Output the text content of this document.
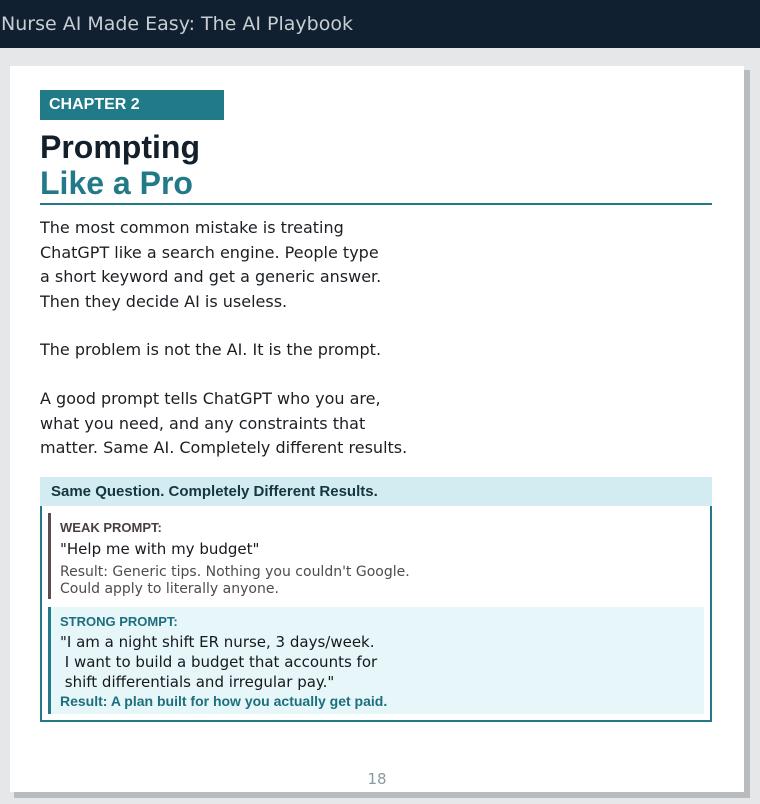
Nurse AI Made Easy: The AI Playbook
CHAPTER 2
Prompting
Like a Pro
The most common mistake is treating
ChatGPT like a search engine. People type
a short keyword and get a generic answer.
Then they decide AI is useless.
The problem is not the AI. It is the prompt.
A good prompt tells ChatGPT who you are,
what you need, and any constraints that
matter. Same AI. Completely different results.
Same Question. Completely Different Results.
WEAK PROMPT:
"Help me with my budget"
Result: Generic tips. Nothing you couldn't Google.
Could apply to literally anyone.
STRONG PROMPT:
"I am a night shift ER nurse, 3 days/week.
I want to build a budget that accounts for
shift differentials and irregular pay."
Result: A plan built for how you actually get paid.
18
